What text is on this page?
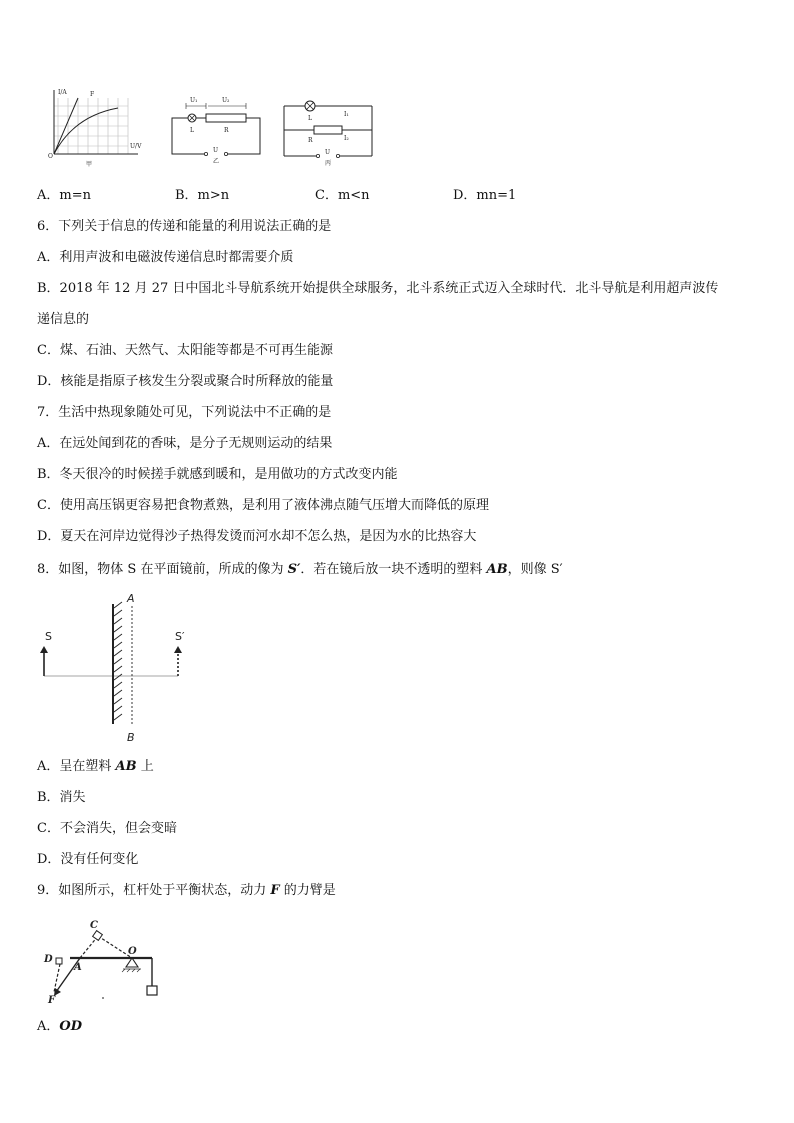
I/A
U/V
O
F
甲
U₁	U₂
L	R
U
乙
L
R
I₁
I₂
U
丙
A．m=n	B．m>n	C．m<n	D．mn=1
6．下列关于信息的传递和能量的利用说法正确的是
A．利用声波和电磁波传递信息时都需要介质
B．2018 年 12 月 27 日中国北斗导航系统开始提供全球服务，北斗系统正式迈入全球时代．北斗导航是利用超声波传
递信息的
C．煤、石油、天然气、太阳能等都是不可再生能源
D．核能是指原子核发生分裂或聚合时所释放的能量
7．生活中热现象随处可见，下列说法中不正确的是
A．在远处闻到花的香味，是分子无规则运动的结果
B．冬天很冷的时候搓手就感到暖和，是用做功的方式改变内能
C．使用高压锅更容易把食物煮熟，是利用了液体沸点随气压增大而降低的原理
D．夏天在河岸边觉得沙子热得发烫而河水却不怎么热，是因为水的比热容大
8．如图，物体 S 在平面镜前，所成的像为 S′．若在镜后放一块不透明的塑料 AB，则像 S′
S	S′
A
B
A．呈在塑料 AB 上
B．消失
C．不会消失，但会变暗
D．没有任何变化
9．如图所示，杠杆处于平衡状态，动力 F 的力臂是
C
O
D
A
F
A．OD
